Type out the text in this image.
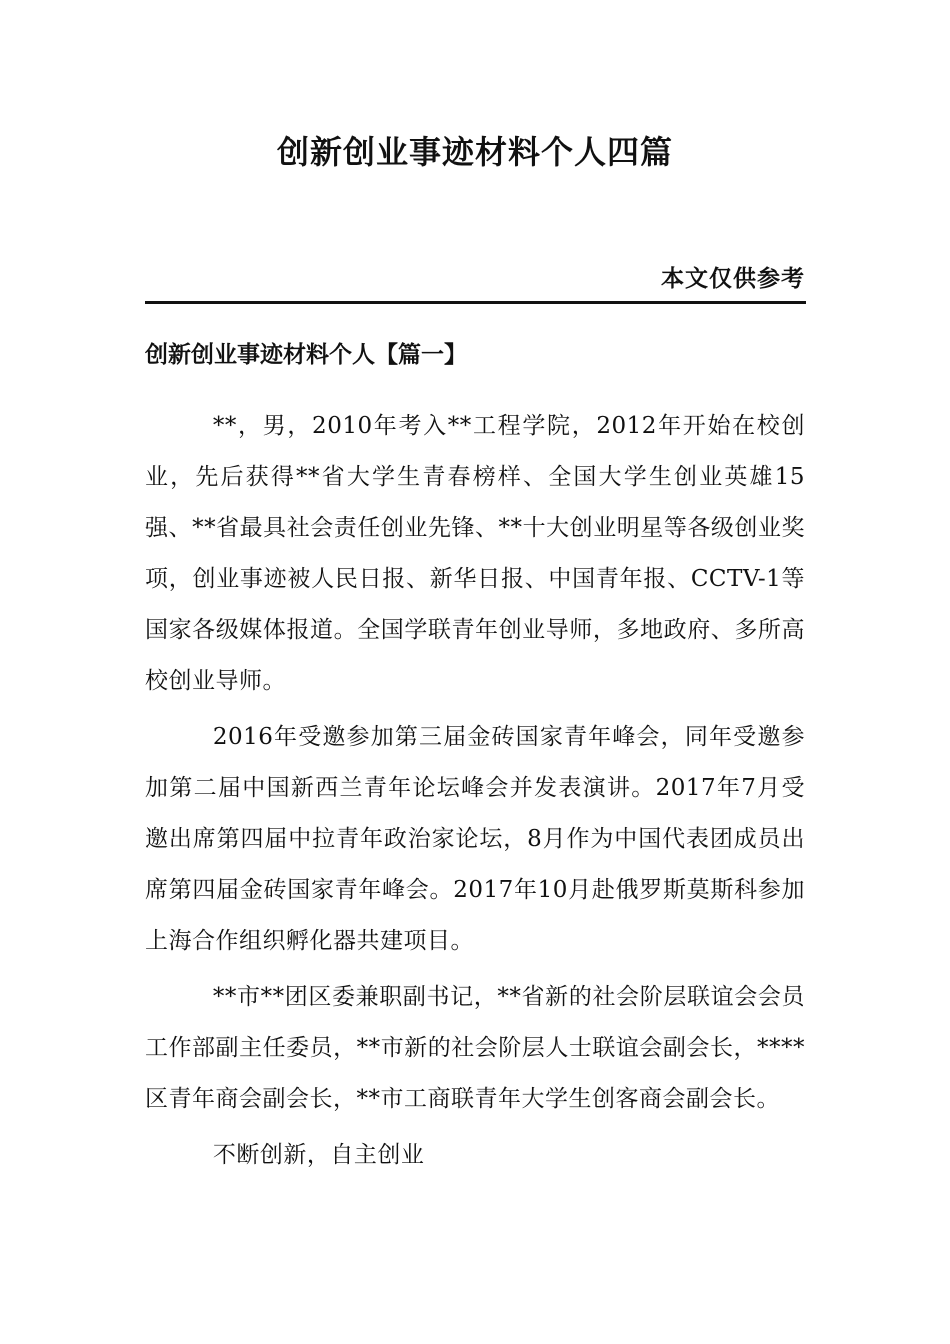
创新创业事迹材料个人四篇
本文仅供参考
创新创业事迹材料个人【篇一】

**，男，2010年考入**工程学院，2012年开始在校创业，先后获得**省大学生青春榜样、全国大学生创业英雄15强、**省最具社会责任创业先锋、**十大创业明星等各级创业奖项，创业事迹被人民日报、新华日报、中国青年报、CCTV-1等国家各级媒体报道。全国学联青年创业导师，多地政府、多所高校创业导师。

2016年受邀参加第三届金砖国家青年峰会，同年受邀参加第二届中国新西兰青年论坛峰会并发表演讲。2017年7月受邀出席第四届中拉青年政治家论坛，8月作为中国代表团成员出席第四届金砖国家青年峰会。2017年10月赴俄罗斯莫斯科参加上海合作组织孵化器共建项目。

**市**团区委兼职副书记，**省新的社会阶层联谊会会员工作部副主任委员，**市新的社会阶层人士联谊会副会长，****区青年商会副会长，**市工商联青年大学生创客商会副会长。

不断创新，自主创业
